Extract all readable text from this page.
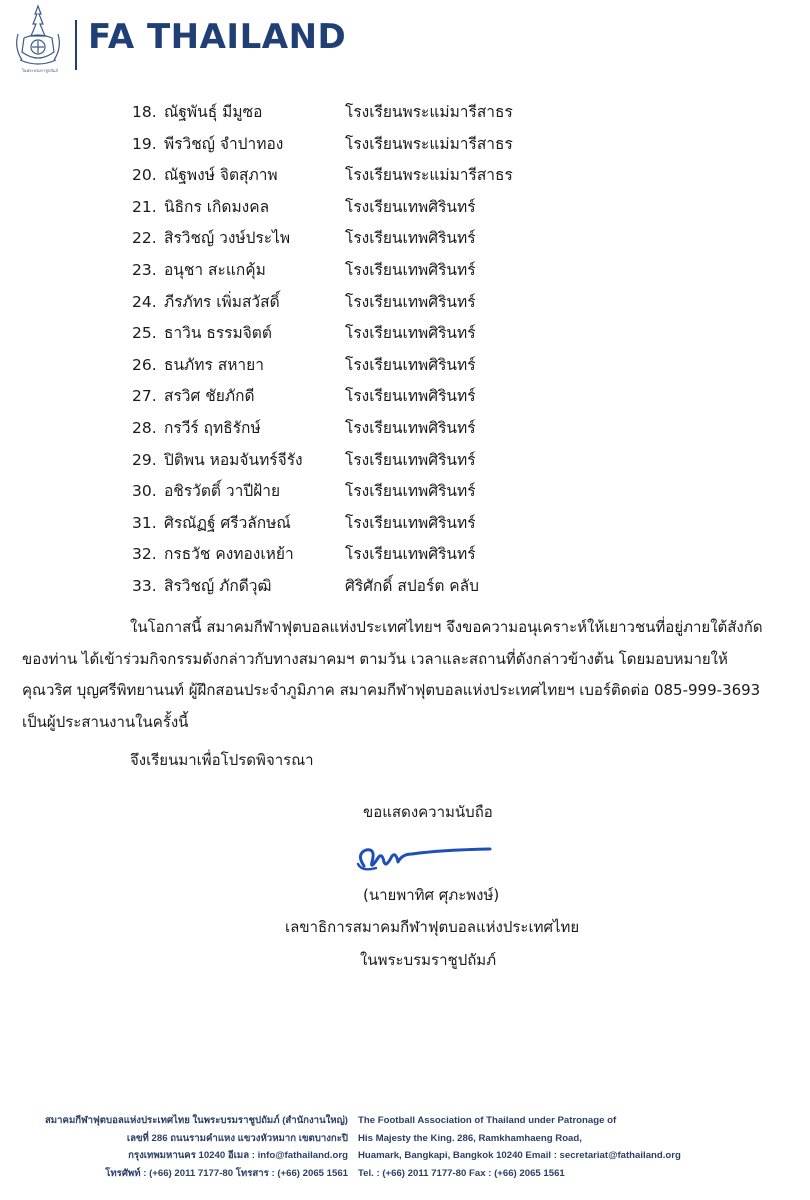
ในพระบรมราชูปถัมภ์
FA THAILAND
18. ณัฐพันธุ์ มีมูซอ	โรงเรียนพระแม่มารีสาธร
19. พีรวิชญ์ จำปาทอง	โรงเรียนพระแม่มารีสาธร
20. ณัฐพงษ์ จิตสุภาพ	โรงเรียนพระแม่มารีสาธร
21. นิธิกร เกิดมงคล	โรงเรียนเทพศิรินทร์
22. สิรวิชญ์ วงษ์ประไพ	โรงเรียนเทพศิรินทร์
23. อนุชา สะแกคุ้ม	โรงเรียนเทพศิรินทร์
24. ภีรภัทร เพิ่มสวัสดิ์	โรงเรียนเทพศิรินทร์
25. ธาวิน ธรรมจิตต์	โรงเรียนเทพศิรินทร์
26. ธนภัทร สหายา	โรงเรียนเทพศิรินทร์
27. สรวิศ ชัยภักดี	โรงเรียนเทพศิรินทร์
28. กรวีร์ ฤทธิรักษ์	โรงเรียนเทพศิรินทร์
29. ปิติพน หอมจันทร์จีรัง	โรงเรียนเทพศิรินทร์
30. อชิรวัตติ์ วาปีฝ้าย	โรงเรียนเทพศิรินทร์
31. ศิรณัฏฐ์ ศรีวลักษณ์	โรงเรียนเทพศิรินทร์
32. กรธวัช คงทองเหย้า	โรงเรียนเทพศิรินทร์
33. สิรวิชญ์ ภักดีวุฒิ	ศิริศักดิ์ สปอร์ต คลับ
ในโอกาสนี้ สมาคมกีฬาฟุตบอลแห่งประเทศไทยฯ จึงขอความอนุเคราะห์ให้เยาวชนที่อยู่ภายใต้สังกัด
ของท่าน ได้เข้าร่วมกิจกรรมดังกล่าวกับทางสมาคมฯ ตามวัน เวลาและสถานที่ดังกล่าวข้างต้น โดยมอบหมายให้
คุณวริศ บุญศรีพิทยานนท์ ผู้ฝึกสอนประจำภูมิภาค สมาคมกีฬาฟุตบอลแห่งประเทศไทยฯ เบอร์ติดต่อ 085-999-3693
เป็นผู้ประสานงานในครั้งนี้
จึงเรียนมาเพื่อโปรดพิจารณา
ขอแสดงความนับถือ
(นายพาทิศ ศุภะพงษ์)
เลขาธิการสมาคมกีฬาฟุตบอลแห่งประเทศไทย
ในพระบรมราชูปถัมภ์
สมาคมกีฬาฟุตบอลแห่งประเทศไทย ในพระบรมราชูปถัมภ์ (สำนักงานใหญ่)
เลขที่ 286 ถนนรามคำแหง แขวงหัวหมาก เขตบางกะปิ
กรุงเทพมหานคร 10240 อีเมล : info@fathailand.org
โทรศัพท์ : (+66) 2011 7177-80 โทรสาร : (+66) 2065 1561
The Football Association of Thailand under Patronage of
His Majesty the King. 286, Ramkhamhaeng Road,
Huamark, Bangkapi, Bangkok 10240 Email : secretariat@fathailand.org
Tel. : (+66) 2011 7177-80 Fax : (+66) 2065 1561
